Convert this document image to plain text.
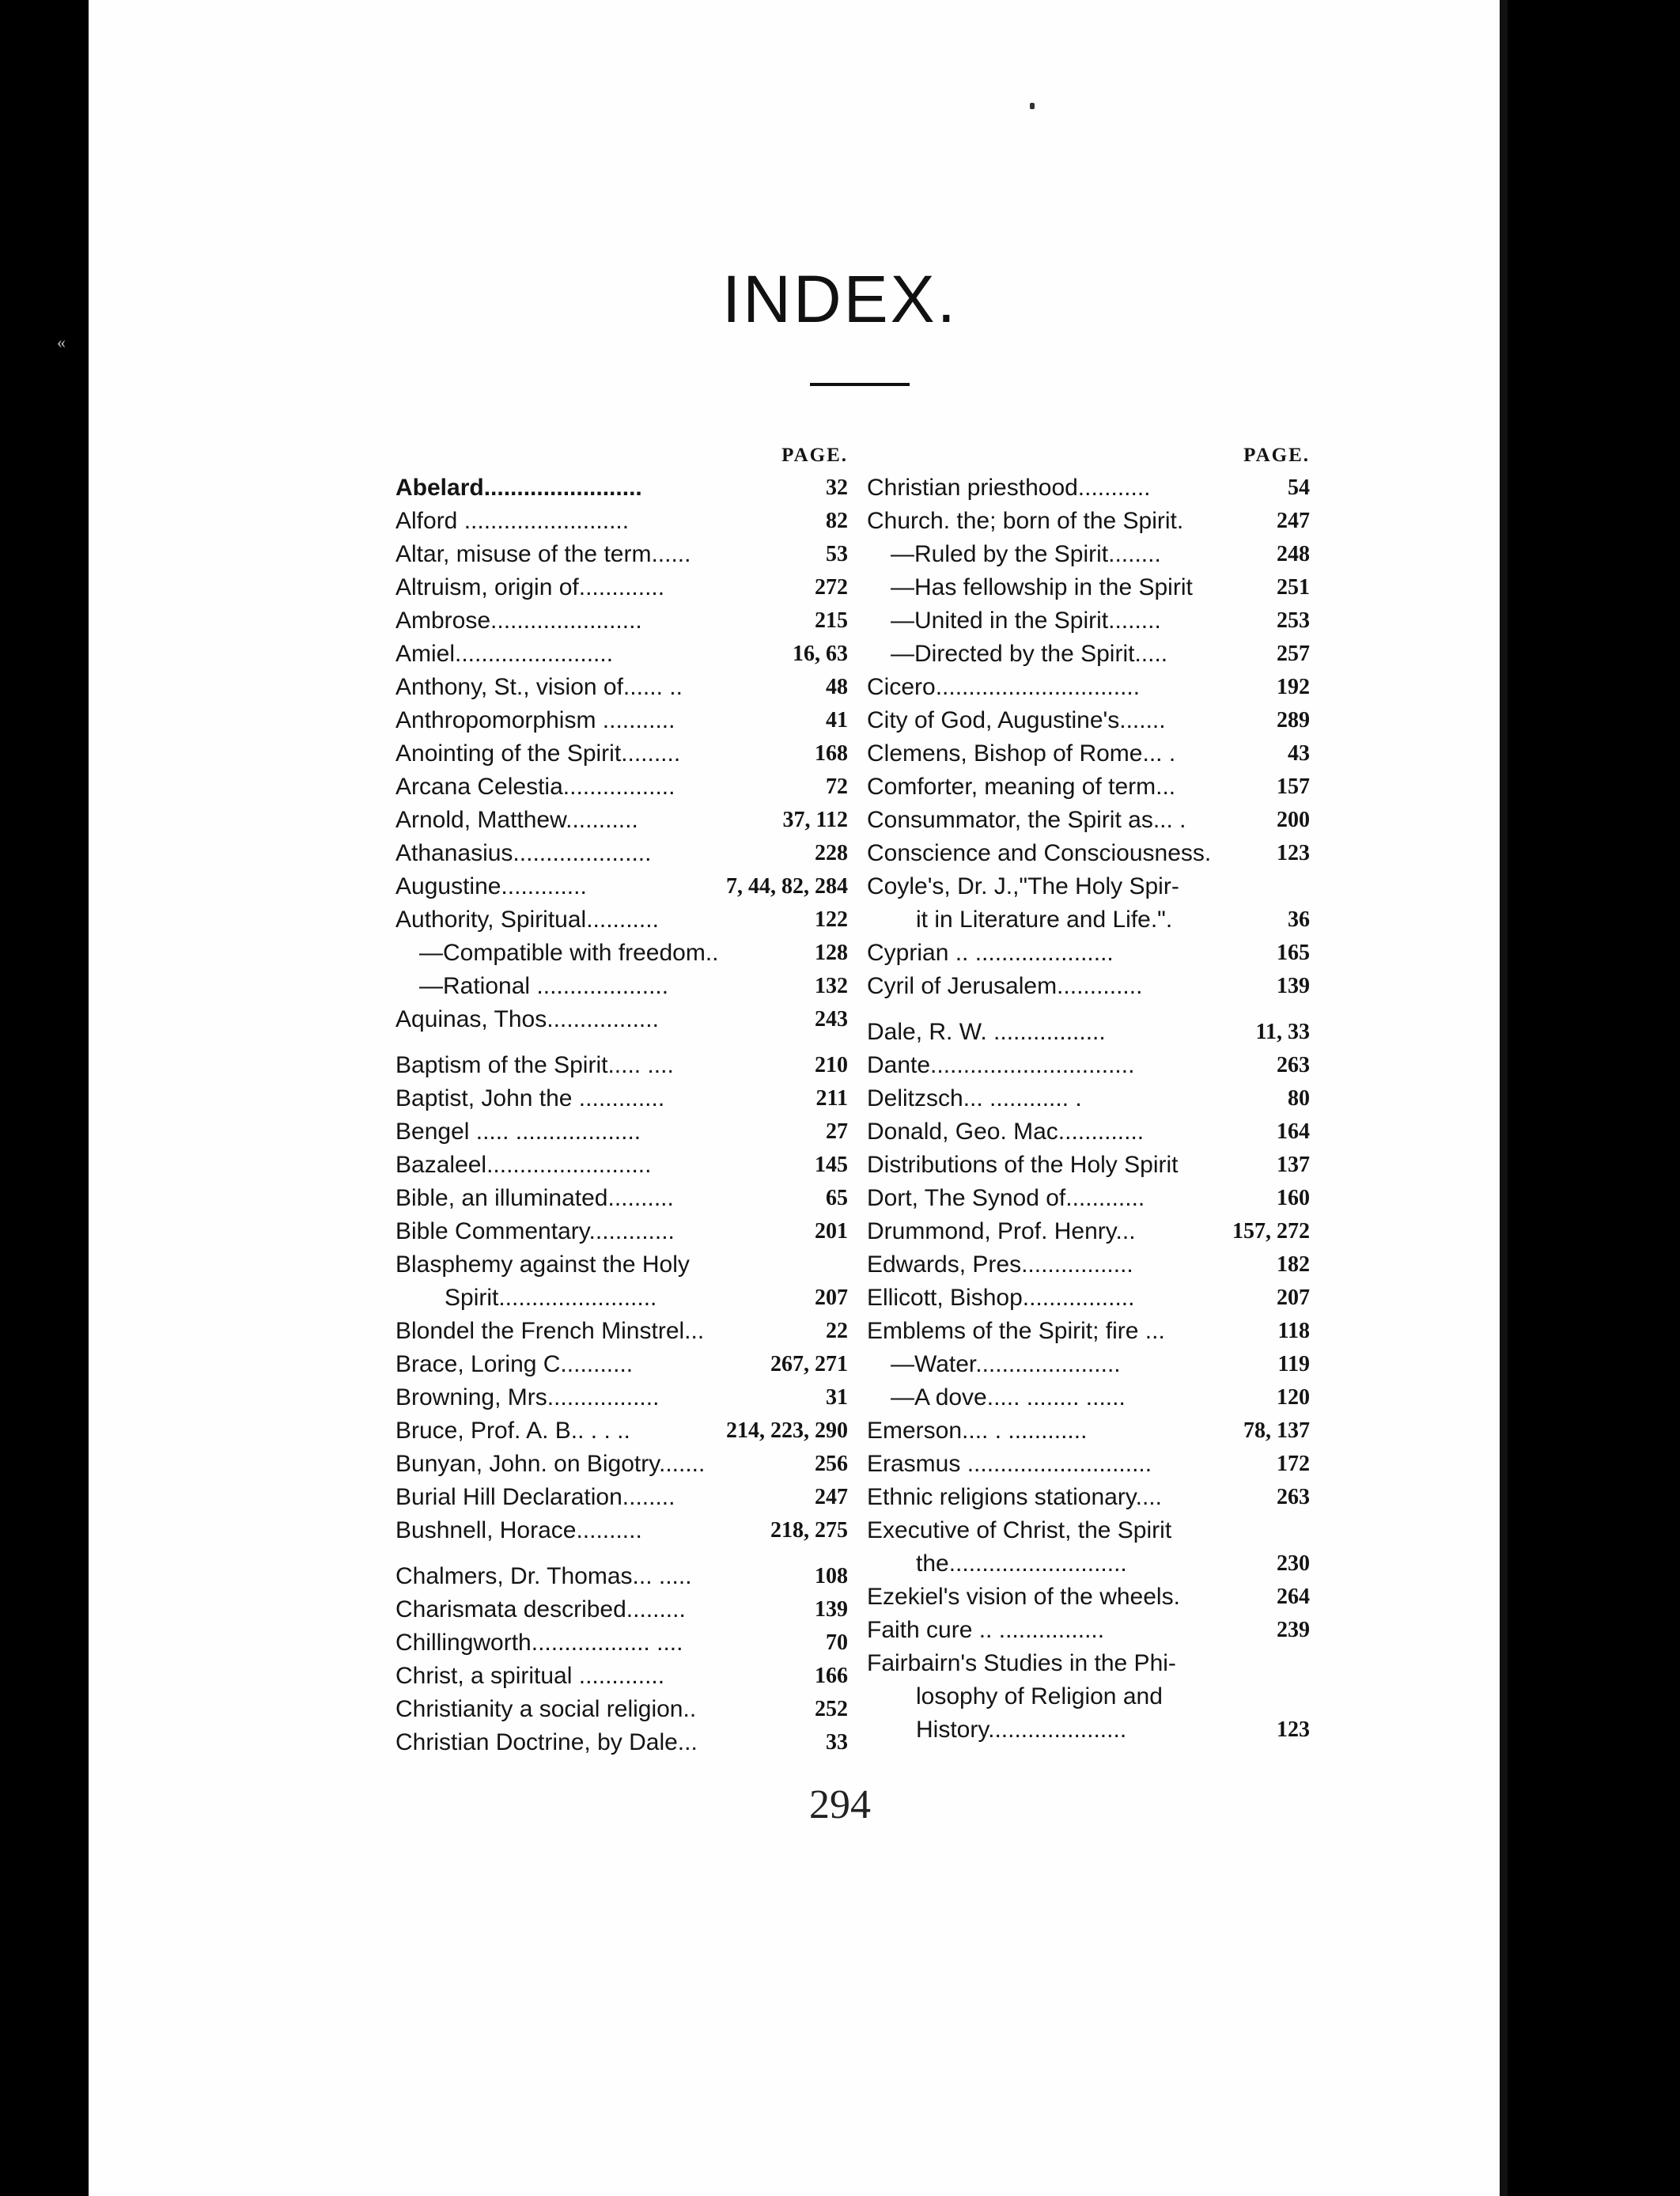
«
INDEX.
PAGE.
Abelard........................	32
Alford .........................	82
Altar, misuse of the term......	53
Altruism, origin of.............	272
Ambrose.......................	215
Amiel........................	16, 63
Anthony, St., vision of...... ..	48
Anthropomorphism ...........	41
Anointing of the Spirit.........	168
Arcana Celestia.................	72
Arnold, Matthew...........	37, 112
Athanasius.....................	228
Augustine.............	7, 44, 82, 284
Authority, Spiritual...........	122
—Compatible with freedom..	128
—Rational ....................	132
Aquinas, Thos.................	243
Baptism of the Spirit..... ....	210
Baptist, John the .............	211
Bengel ..... ...................	27
Bazaleel.........................	145
Bible, an illuminated..........	65
Bible Commentary.............	201
Blasphemy against the Holy
Spirit........................	207
Blondel the French Minstrel...	22
Brace, Loring C...........	267, 271
Browning, Mrs.................	31
Bruce, Prof. A. B.. . . ..	214, 223, 290
Bunyan, John. on Bigotry.......	256
Burial Hill Declaration........	247
Bushnell, Horace..........	218, 275
Chalmers, Dr. Thomas... .....	108
Charismata described.........	139
Chillingworth.................. ....	70
Christ, a spiritual .............	166
Christianity a social religion..	252
Christian Doctrine, by Dale...	33
PAGE.
Christian priesthood...........	54
Church. the; born of the Spirit.	247
—Ruled by the Spirit........	248
—Has fellowship in the Spirit	251
—United in the Spirit........	253
—Directed by the Spirit.....	257
Cicero...............................	192
City of God, Augustine's.......	289
Clemens, Bishop of Rome... .	43
Comforter, meaning of term...	157
Consummator, the Spirit as... .	200
Conscience and Consciousness.	123
Coyle's, Dr. J.,"The Holy Spir-
it in Literature and Life.".	36
Cyprian .. .....................	165
Cyril of Jerusalem.............	139
Dale, R. W. .................	11, 33
Dante...............................	263
Delitzsch... ............ .	80
Donald, Geo. Mac.............	164
Distributions of the Holy Spirit	137
Dort, The Synod of............	160
Drummond, Prof. Henry...	157, 272
Edwards, Pres.................	182
Ellicott, Bishop.................	207
Emblems of the Spirit; fire ...	118
—Water......................	119
—A dove..... ........ ......	120
Emerson.... . ............	78, 137
Erasmus ............................	172
Ethnic religions stationary....	263
Executive of Christ, the Spirit
the...........................	230
Ezekiel's vision of the wheels.	264
Faith cure .. ................	239
Fairbairn's Studies in the Phi-
losophy of Religion and
History.....................	123
294
